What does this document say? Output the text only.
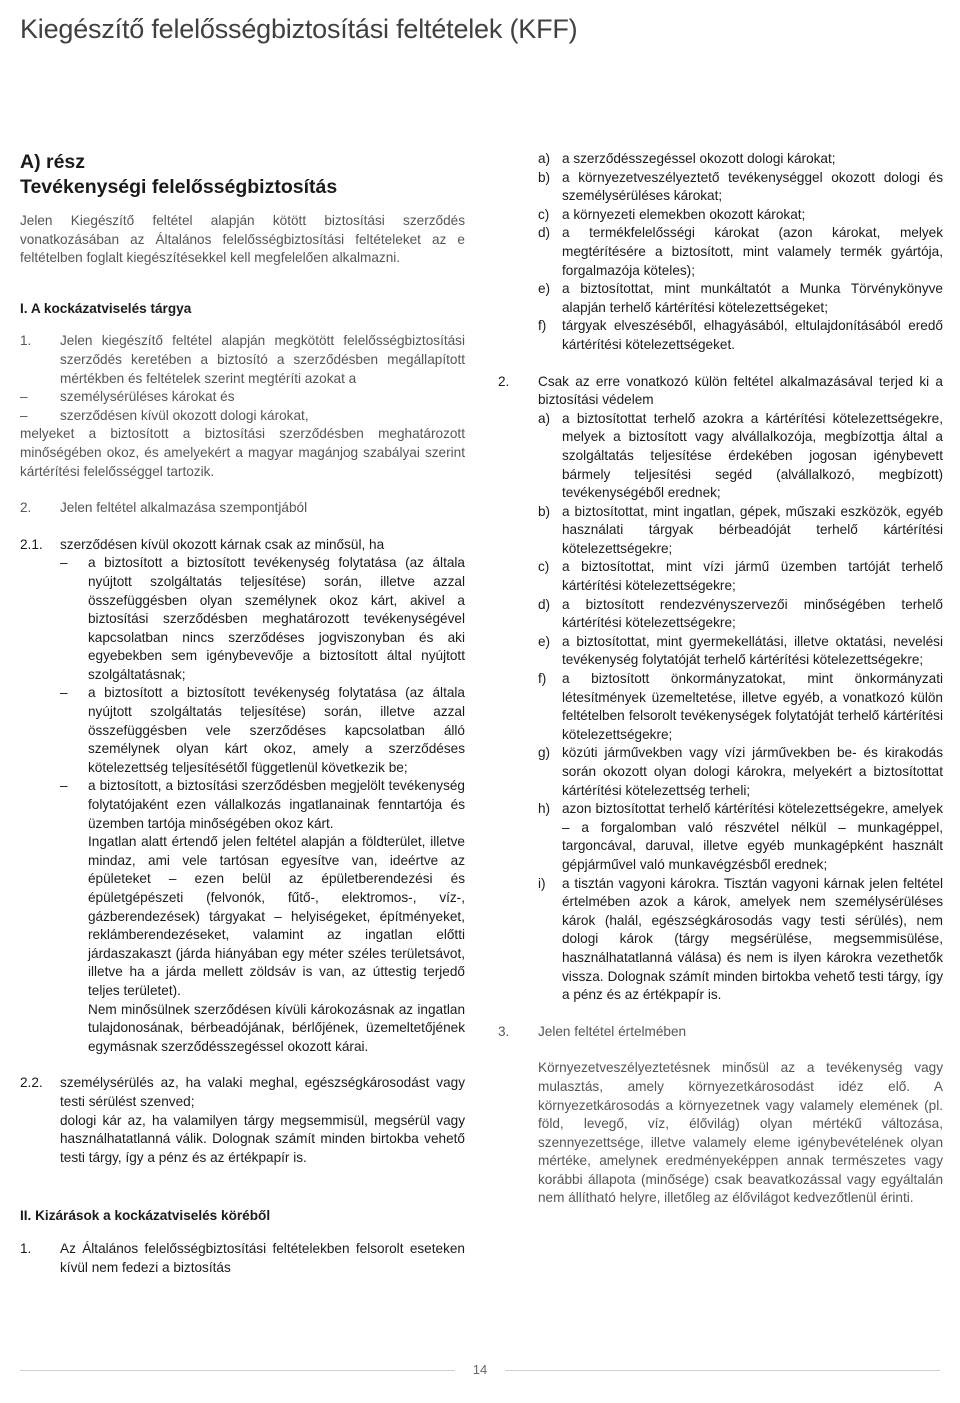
Kiegészítő felelősségbiztosítási feltételek (KFF)
A) rész
Tevékenységi felelősségbiztosítás

Jelen Kiegészítő feltétel alapján kötött biztosítási szerződés vonatkozásában az Általános felelősségbiztosítási feltételeket az e feltételben foglalt kiegészítésekkel kell megfelelően alkalmazni.

I. A kockázatviselés tárgya
1.	Jelen kiegészítő feltétel alapján megkötött felelősségbiztosítási szerződés keretében a biztosító a szerződésben megállapított mértékben és feltételek szerint megtéríti azokat a
–	személysérüléses károkat és
–	szerződésen kívül okozott dologi károkat,

melyeket a biztosított a biztosítási szerződésben meghatározott minőségében okoz, és amelyekért a magyar magánjog szabályai szerint kártérítési felelősséggel tartozik.

2.	Jelen feltétel alkalmazása szempontjából
2.1.	szerződésen kívül okozott kárnak csak az minősül, ha
–	a biztosított a biztosított tevékenység folytatása (az általa nyújtott szolgáltatás teljesítése) során, illetve azzal összefüggésben olyan személynek okoz kárt, akivel a biztosítási szerződésben meghatározott tevékenységével kapcsolatban nincs szerződéses jogviszonyban és aki egyebekben sem igénybevevője a biztosított által nyújtott szolgáltatásnak;
–	a biztosított a biztosított tevékenység folytatása (az általa nyújtott szolgáltatás teljesítése) során, illetve azzal összefüggésben vele szerződéses kapcsolatban álló személynek olyan kárt okoz, amely a szerződéses kötelezettség teljesítésétől függetlenül következik be;
–	a biztosított, a biztosítási szerződésben megjelölt tevékenység folytatójaként ezen vállalkozás ingatlanainak fenntartója és üzemben tartója minőségében okoz kárt.

Ingatlan alatt értendő jelen feltétel alapján a földterület, illetve mindaz, ami vele tartósan egyesítve van, ideértve az épületeket – ezen belül az épületberendezési és épületgépészeti (felvonók, fűtő-, elektromos-, víz-, gázberendezések) tárgyakat – helyiségeket, építményeket, reklámberendezéseket, valamint az ingatlan előtti járdaszakaszt (járda hiányában egy méter széles területsávot, illetve ha a járda mellett zöldsáv is van, az úttestig terjedő teljes területet).

Nem minősülnek szerződésen kívüli károkozásnak az ingatlan tulajdonosának, bérbeadójának, bérlőjének, üzemeltetőjének egymásnak szerződésszegéssel okozott kárai.

2.2.	személysérülés az, ha valaki meghal, egészségkárosodást vagy testi sérülést szenved;
dologi kár az, ha valamilyen tárgy megsemmisül, megsérül vagy használhatatlanná válik. Dolognak számít minden birtokba vehető testi tárgy, így a pénz és az értékpapír is.
II. Kizárások a kockázatviselés köréből
1.	Az Általános felelősségbiztosítási feltételekben felsorolt eseteken kívül nem fedezi a biztosítás
a) a szerződésszegéssel okozott dologi károkat;
b) a környezetveszélyeztető tevékenységgel okozott dologi és személysérüléses károkat;
c) a környezeti elemekben okozott károkat;
d) a termékfelelősségi károkat (azon károkat, melyek megtérítésére a biztosított, mint valamely termék gyártója, forgalmazója köteles);
e) a biztosítottat, mint munkáltatót a Munka Törvénykönyve alapján terhelő kártérítési kötelezettségeket;
f)	tárgyak elveszéséből, elhagyásából, eltulajdonításából eredő kártérítési kötelezettségeket.
2.	Csak az erre vonatkozó külön feltétel alkalmazásával terjed ki a biztosítási védelem
a) a biztosítottat terhelő azokra a kártérítési kötelezettségekre, melyek a biztosított vagy alvállalkozója, megbízottja által a szolgáltatás teljesítése érdekében jogosan igénybevett bármely teljesítési segéd (alvállalkozó, megbízott) tevékenységéből erednek;
b) a biztosítottat, mint ingatlan, gépek, műszaki eszközök, egyéb használati tárgyak bérbeadóját terhelő kártérítési kötelezettségekre;
c) a biztosítottat, mint vízi jármű üzemben tartóját terhelő kártérítési kötelezettségekre;
d) a biztosított rendezvényszervezői minőségében terhelő kártérítési kötelezettségekre;
e) a biztosítottat, mint gyermekellátási, illetve oktatási, nevelési tevékenység folytatóját terhelő kártérítési kötelezettségekre;
f)	a biztosított önkormányzatokat, mint önkormányzati létesítmények üzemeltetése, illetve egyéb, a vonatkozó külön feltételben felsorolt tevékenységek folytatóját terhelő kártérítési kötelezettségekre;
g) közúti járművekben vagy vízi járművekben be- és kirakodás során okozott olyan dologi károkra, melyekért a biztosítottat kártérítési kötelezettség terheli;
h) azon biztosítottat terhelő kártérítési kötelezettségekre, amelyek – a forgalomban való részvétel nélkül – munkagéppel, targoncával, daruval, illetve egyéb munkagépként használt gépjárművel való munkavégzésből erednek;
i)	a tisztán vagyoni károkra. Tisztán vagyoni kárnak jelen feltétel értelmében azok a károk, amelyek nem személysérüléses károk (halál, egészségkárosodás vagy testi sérülés), nem dologi károk (tárgy megsérülése, megsemmisülése, használhatatlanná válása) és nem is ilyen károkra vezethetők vissza. Dolognak számít minden birtokba vehető testi tárgy, így a pénz és az értékpapír is.
3.	Jelen feltétel értelmében

Környezetveszélyeztetésnek minősül az a tevékenység vagy mulasztás, amely környezetkárosodást idéz elő. A környezetkárosodás a környezetnek vagy valamely elemének (pl. föld, levegő, víz, élővilág) olyan mértékű változása, szennyezettsége, illetve valamely eleme igénybevételének olyan mértéke, amelynek eredményeképpen annak természetes vagy korábbi állapota (minősége) csak beavatkozással vagy egyáltalán nem állítható helyre, illetőleg az élővilágot kedvezőtlenül érinti.

14
